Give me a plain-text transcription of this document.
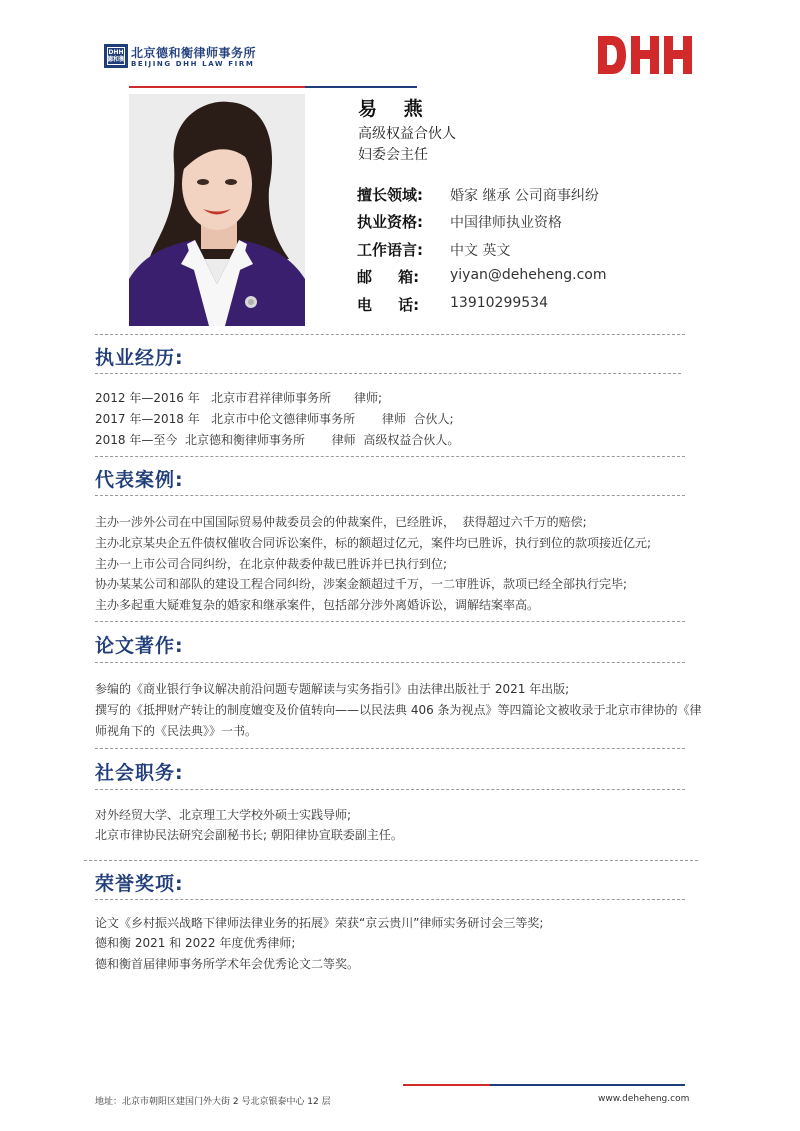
DHH 德和衡 北京德和衡律师事务所
BEIJING DHH LAW FIRM
易 燕
高级权益合伙人
妇委会主任
擅长领域:	婚家 继承 公司商事纠纷
执业资格:	中国律师执业资格
工作语言:	中文 英文
邮     箱:	yiyan@deheheng.com
电     话:	13910299534
执业经历:
2012 年—2016 年   北京市君祥律师事务所      律师;
2017 年—2018 年   北京市中伦文德律师事务所       律师  合伙人;
2018 年—至今  北京德和衡律师事务所       律师  高级权益合伙人。
代表案例:
主办一涉外公司在中国国际贸易仲裁委员会的仲裁案件，已经胜诉，  获得超过六千万的赔偿;
主办北京某央企五件债权催收合同诉讼案件，标的额超过亿元，案件均已胜诉，执行到位的款项接近亿元;
主办一上市公司合同纠纷，在北京仲裁委仲裁已胜诉并已执行到位;
协办某某公司和部队的建设工程合同纠纷，涉案金额超过千万，一二审胜诉，款项已经全部执行完毕;
主办多起重大疑难复杂的婚家和继承案件，包括部分涉外离婚诉讼，调解结案率高。
论文著作:
参编的《商业银行争议解决前沿问题专题解读与实务指引》由法律出版社于 2021 年出版;
撰写的《抵押财产转让的制度嬗变及价值转向——以民法典 406 条为视点》等四篇论文被收录于北京市律协的《律
师视角下的《民法典》》一书。
社会职务:
对外经贸大学、北京理工大学校外硕士实践导师;
北京市律协民法研究会副秘书长; 朝阳律协宣联委副主任。
荣誉奖项:
论文《乡村振兴战略下律师法律业务的拓展》荣获“京云贵川”律师实务研讨会三等奖;
德和衡 2021 和 2022 年度优秀律师;
德和衡首届律师事务所学术年会优秀论文二等奖。
地址：北京市朝阳区建国门外大街 2 号北京银泰中心 12 层	www.deheheng.com
